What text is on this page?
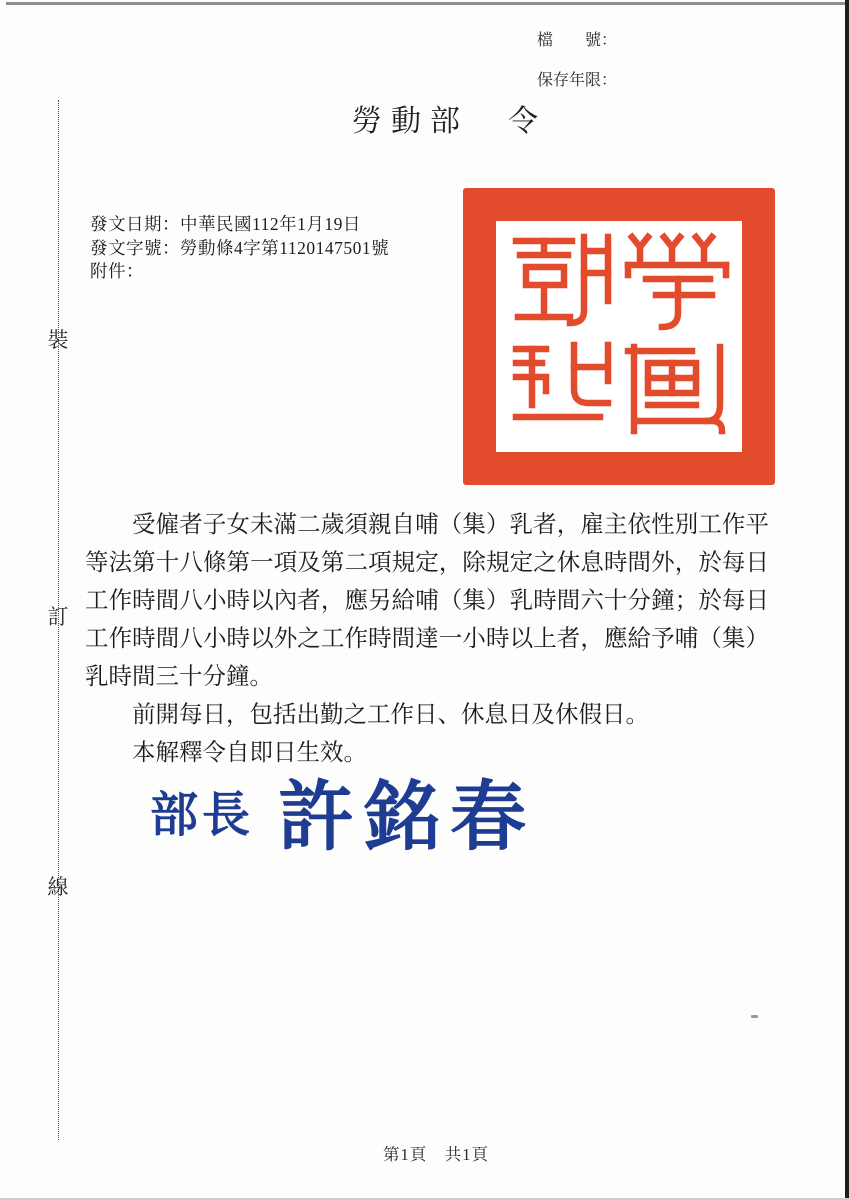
裝
訂
線
檔　　號：
保存年限：
勞動部　令
發文日期：中華民國112年1月19日
發文字號：勞動條4字第1120147501號
附件：

受僱者子女未滿二歲須親自哺（集）乳者，雇主依性別工作平等法第十八條第一項及第二項規定，除規定之休息時間外，於每日工作時間八小時以內者，應另給哺（集）乳時間六十分鐘；於每日工作時間八小時以外之工作時間達一小時以上者，應給予哺（集）乳時間三十分鐘。

前開每日，包括出勤之工作日、休息日及休假日。

本解釋令自即日生效。

部長 許銘春
第1頁　共1頁
